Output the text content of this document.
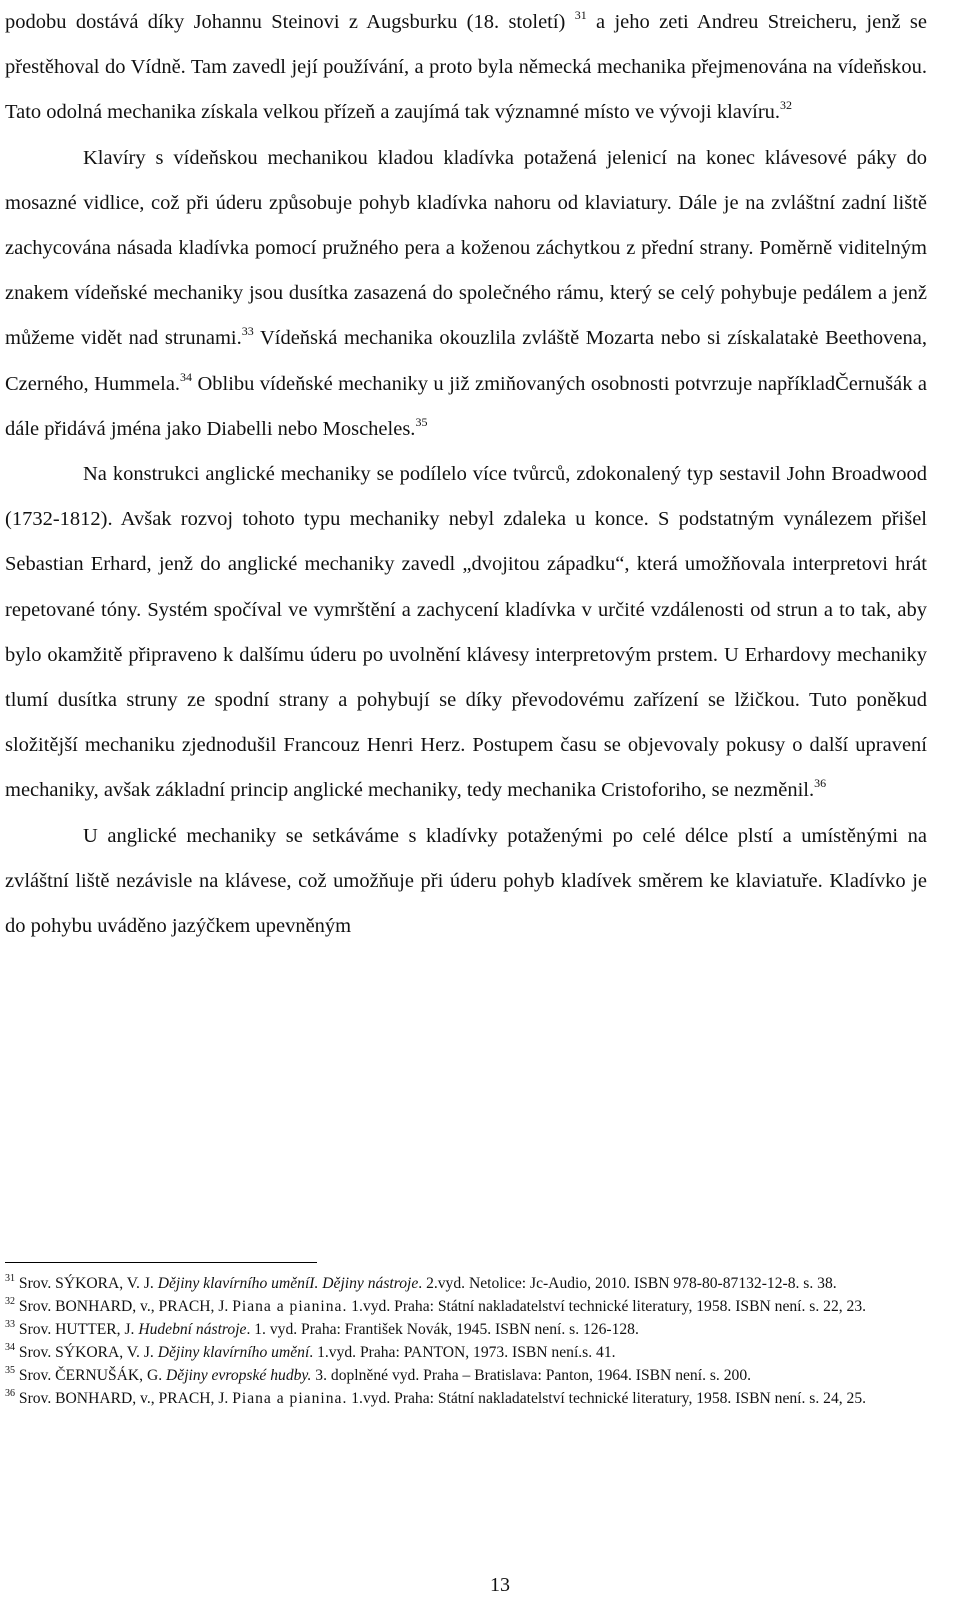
podobu dostává díky Johannu Steinovi z Augsburku (18. století) $^{31}$ a jeho zeti Andreu Streicheru, jenž se přestěhoval do Vídně. Tam zavedl její používání, a proto byla německá mechanika přejmenována na vídeňskou. Tato odolná mechanika získala velkou přízeň a zaujímá tak významné místo ve vývoji klavíru.$^{32}$

Klavíry s vídeňskou mechanikou kladou kladívka potažená jelenicí na konec klávesové páky do mosazné vidlice, což při úderu způsobuje pohyb kladívka nahoru od klaviatury. Dále je na zvláštní zadní liště zachycována násada kladívka pomocí pružného pera a koženou záchytkou z přední strany. Poměrně viditelným znakem vídeňské mechaniky jsou dusítka zasazená do společného rámu, který se celý pohybuje pedálem a jenž můžeme vidět nad strunami.$^{33}$ Vídeňská mechanika okouzlila zvláště Mozarta nebo si získalatakė Beethovena, Czerného, Hummela.$^{34}$ Oblibu vídeňské mechaniky u již zmiňovaných osobnosti potvrzuje napříkladČernušák a dále přidává jména jako Diabelli nebo Moscheles.$^{35}$

Na konstrukci anglické mechaniky se podílelo více tvůrců, zdokonalený typ sestavil John Broadwood (1732-1812). Avšak rozvoj tohoto typu mechaniky nebyl zdaleka u konce. S podstatným vynálezem přišel Sebastian Erhard, jenž do anglické mechaniky zavedl „dvojitou západku“, která umožňovala interpretovi hrát repetované tóny. Systém spočíval ve vymrštění a zachycení kladívka v určité vzdálenosti od strun a to tak, aby bylo okamžitě připraveno k dalšímu úderu po uvolnění klávesy interpretovým prstem. U Erhardovy mechaniky tlumí dusítka struny ze spodní strany a pohybují se díky převodovému zařízení se lžičkou. Tuto poněkud složitější mechaniku zjednodušil Francouz Henri Herz. Postupem času se objevovaly pokusy o další upravení mechaniky, avšak základní princip anglické mechaniky, tedy mechanika Cristoforiho, se nezměnil.$^{36}$

U anglické mechaniky se setkáváme s kladívky potaženými po celé délce plstí a umístěnými na zvláštní liště nezávisle na klávese, což umožňuje při úderu pohyb kladívek směrem ke klaviatuře. Kladívko je do pohybu uváděno jazýčkem upevněným

$^{31}$ Srov. SÝKORA, V. J. Dějiny klavírního uměníI. Dějiny nástroje. 2.vyd. Netolice: Jc-Audio, 2010. ISBN 978-80-87132-12-8. s. 38.

$^{32}$ Srov. BONHARD, v., PRACH, J. Piana a pianina. 1.vyd. Praha: Státní nakladatelství technické literatury, 1958. ISBN není. s. 22, 23.

$^{33}$ Srov. HUTTER, J. Hudební nástroje. 1. vyd. Praha: František Novák, 1945. ISBN není. s. 126-128.

$^{34}$ Srov. SÝKORA, V. J. Dějiny klavírního umění. 1.vyd. Praha: PANTON, 1973. ISBN není.s. 41.

$^{35}$ Srov. ČERNUŠÁK, G. Dějiny evropské hudby. 3. doplněné vyd. Praha – Bratislava: Panton, 1964. ISBN není. s. 200.

$^{36}$ Srov. BONHARD, v., PRACH, J. Piana a pianina. 1.vyd. Praha: Státní nakladatelství technické literatury, 1958. ISBN není. s. 24, 25.

13
